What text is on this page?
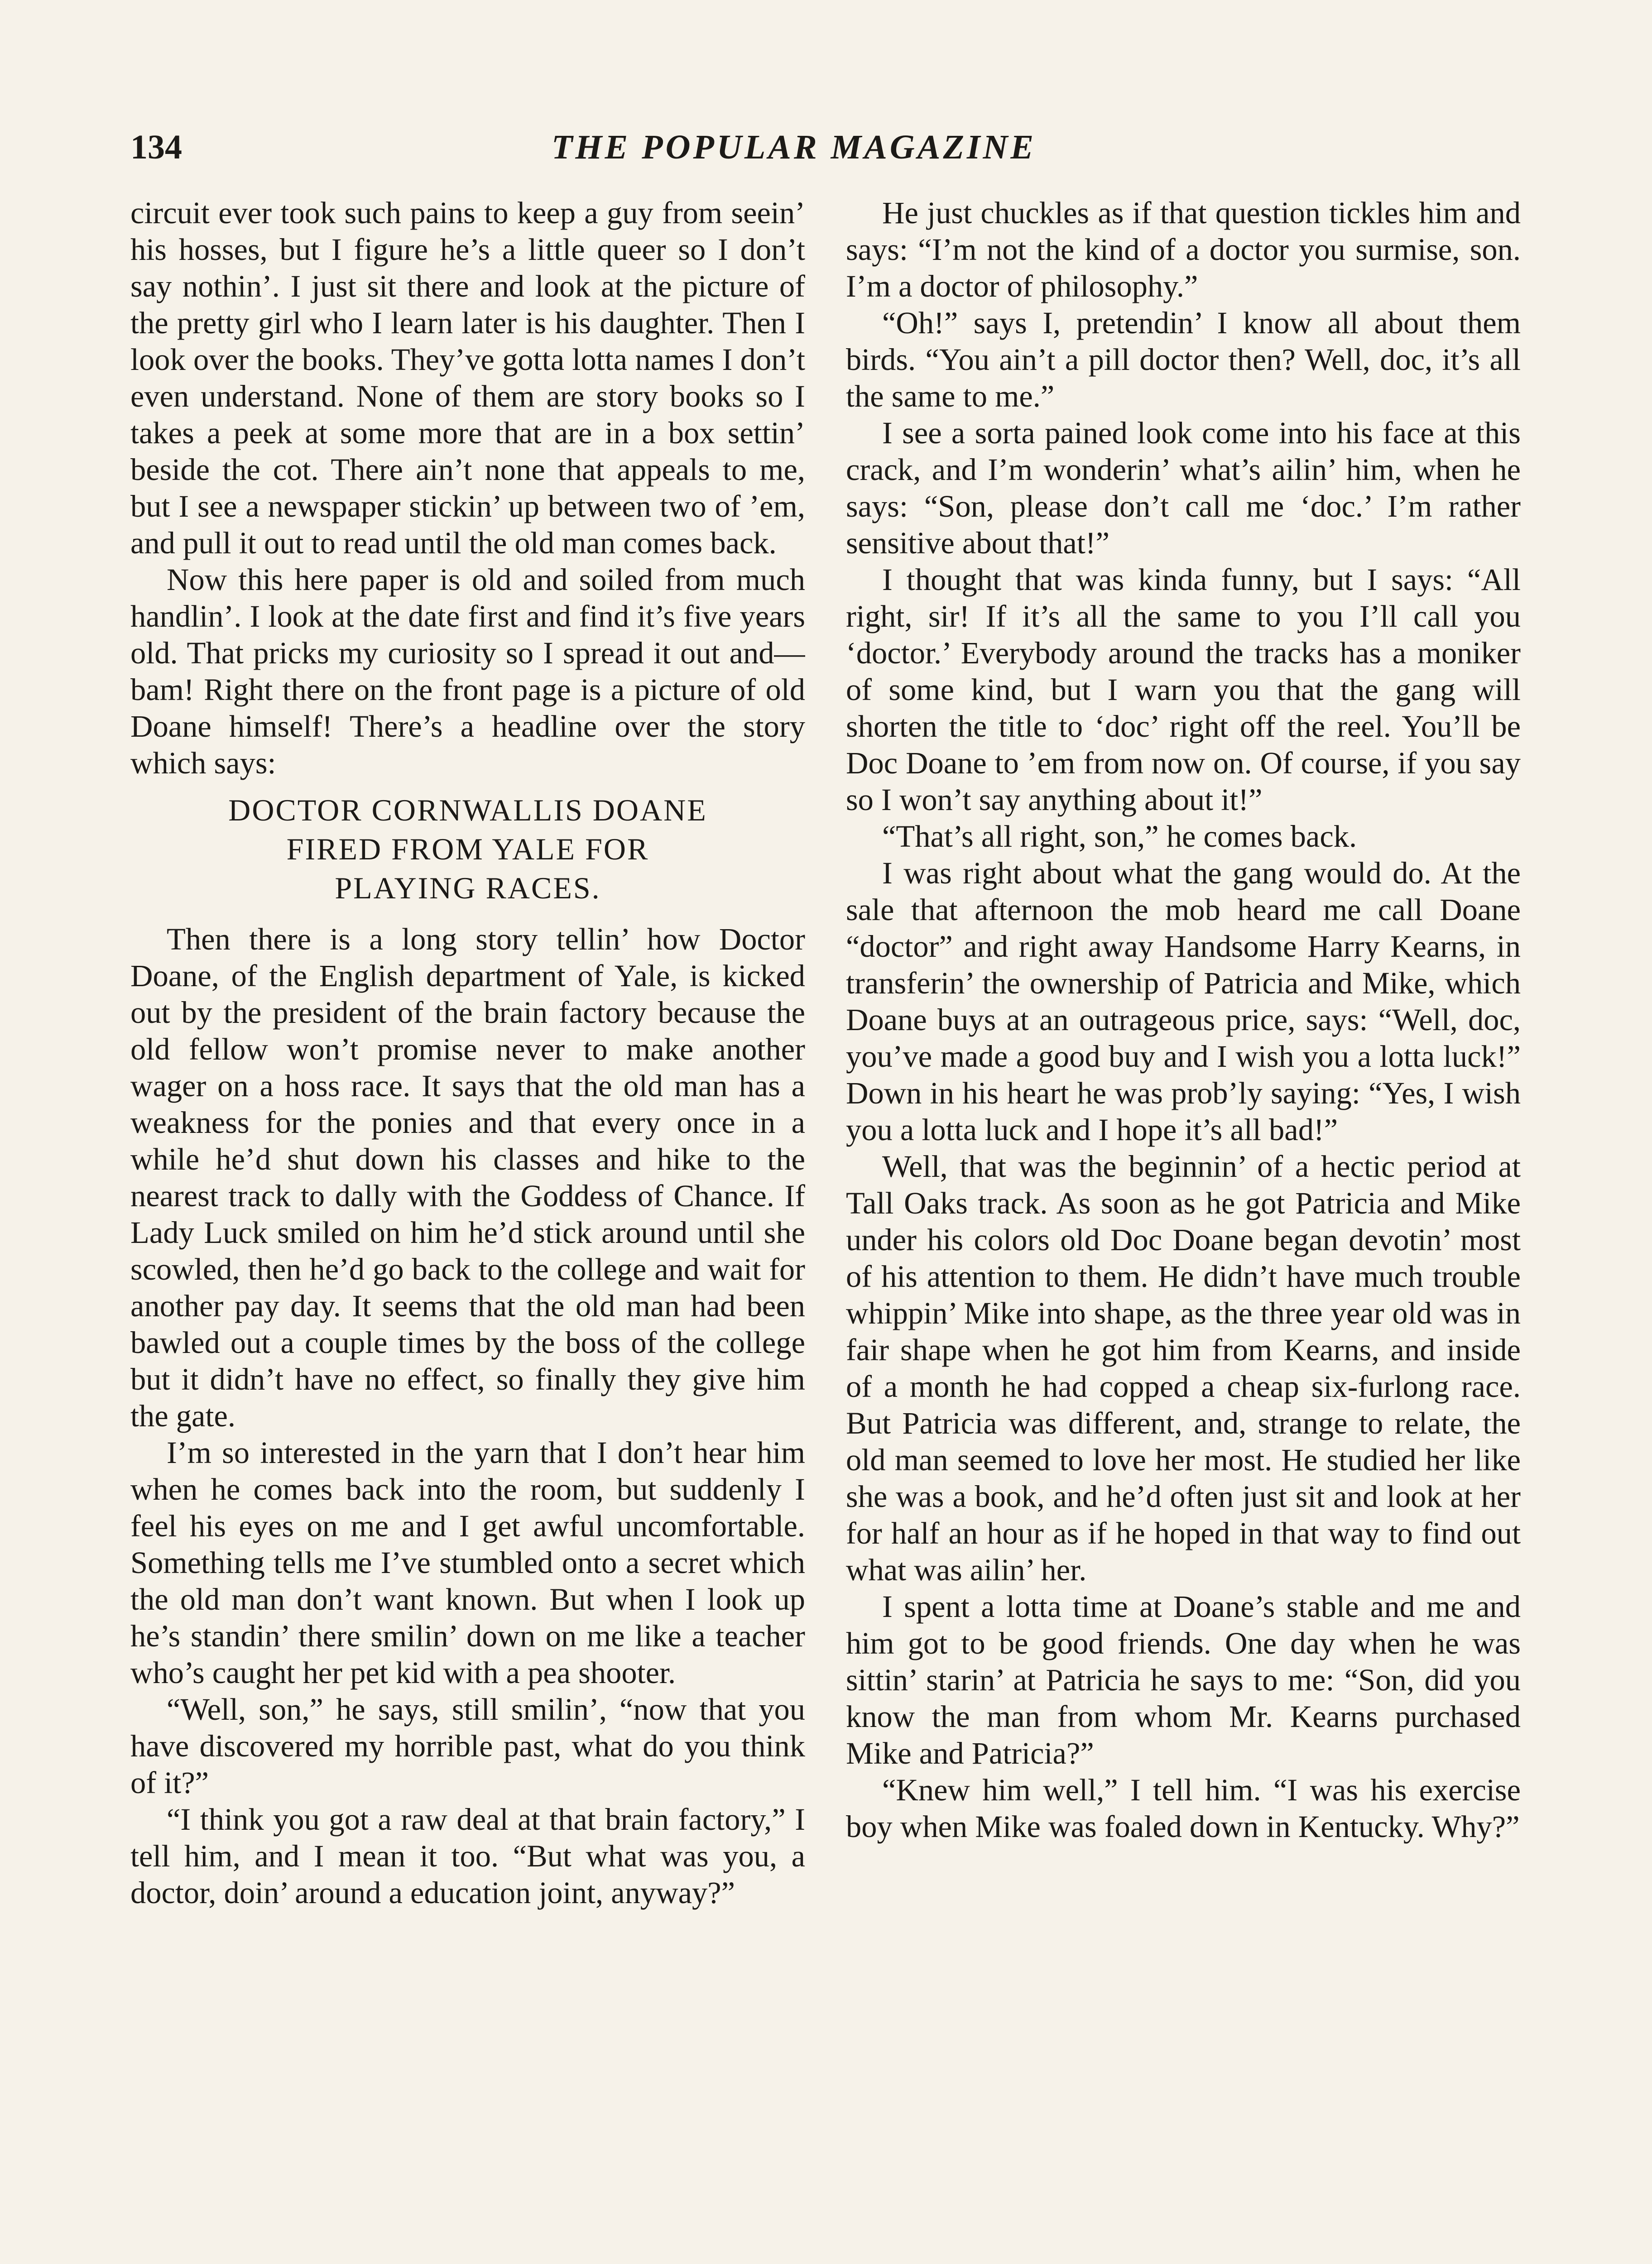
134	THE POPULAR MAGAZINE

circuit ever took such pains to keep a guy from seein’ his hosses, but I figure he’s a little queer so I don’t say nothin’. I just sit there and look at the picture of the pretty girl who I learn later is his daughter. Then I look over the books. They’ve gotta lotta names I don’t even understand. None of them are story books so I takes a peek at some more that are in a box settin’ beside the cot. There ain’t none that appeals to me, but I see a newspaper stickin’ up between two of ’em, and pull it out to read until the old man comes back.

Now this here paper is old and soiled from much handlin’. I look at the date first and find it’s five years old. That pricks my curiosity so I spread it out and—bam! Right there on the front page is a picture of old Doane himself! There’s a headline over the story which says:

DOCTOR CORNWALLIS DOANE
FIRED FROM YALE FOR
PLAYING RACES.

Then there is a long story tellin’ how Doctor Doane, of the English department of Yale, is kicked out by the president of the brain factory because the old fellow won’t promise never to make another wager on a hoss race. It says that the old man has a weakness for the ponies and that every once in a while he’d shut down his classes and hike to the nearest track to dally with the Goddess of Chance. If Lady Luck smiled on him he’d stick around until she scowled, then he’d go back to the college and wait for another pay day. It seems that the old man had been bawled out a couple times by the boss of the college but it didn’t have no effect, so finally they give him the gate.

I’m so interested in the yarn that I don’t hear him when he comes back into the room, but suddenly I feel his eyes on me and I get awful uncomfortable. Something tells me I’ve stumbled onto a secret which the old man don’t want known. But when I look up he’s standin’ there smilin’ down on me like a teacher who’s caught her pet kid with a pea shooter.

“Well, son,” he says, still smilin’, “now that you have discovered my horrible past, what do you think of it?”

“I think you got a raw deal at that brain factory,” I tell him, and I mean it too. “But what was you, a doctor, doin’ around a education joint, anyway?”

He just chuckles as if that question tickles him and says: “I’m not the kind of a doctor you surmise, son. I’m a doctor of philosophy.”

“Oh!” says I, pretendin’ I know all about them birds. “You ain’t a pill doctor then? Well, doc, it’s all the same to me.”

I see a sorta pained look come into his face at this crack, and I’m wonderin’ what’s ailin’ him, when he says: “Son, please don’t call me ‘doc.’ I’m rather sensitive about that!”

I thought that was kinda funny, but I says: “All right, sir! If it’s all the same to you I’ll call you ‘doctor.’ Everybody around the tracks has a moniker of some kind, but I warn you that the gang will shorten the title to ‘doc’ right off the reel. You’ll be Doc Doane to ’em from now on. Of course, if you say so I won’t say anything about it!”

“That’s all right, son,” he comes back.

I was right about what the gang would do. At the sale that afternoon the mob heard me call Doane “doctor” and right away Handsome Harry Kearns, in transferin’ the ownership of Patricia and Mike, which Doane buys at an outrageous price, says: “Well, doc, you’ve made a good buy and I wish you a lotta luck!” Down in his heart he was prob’ly saying: “Yes, I wish you a lotta luck and I hope it’s all bad!”

Well, that was the beginnin’ of a hectic period at Tall Oaks track. As soon as he got Patricia and Mike under his colors old Doc Doane began devotin’ most of his attention to them. He didn’t have much trouble whippin’ Mike into shape, as the three year old was in fair shape when he got him from Kearns, and inside of a month he had copped a cheap six-furlong race. But Patricia was different, and, strange to relate, the old man seemed to love her most. He studied her like she was a book, and he’d often just sit and look at her for half an hour as if he hoped in that way to find out what was ailin’ her.

I spent a lotta time at Doane’s stable and me and him got to be good friends. One day when he was sittin’ starin’ at Patricia he says to me: “Son, did you know the man from whom Mr. Kearns purchased Mike and Patricia?”

“Knew him well,” I tell him. “I was his exercise boy when Mike was foaled down in Kentucky. Why?”
